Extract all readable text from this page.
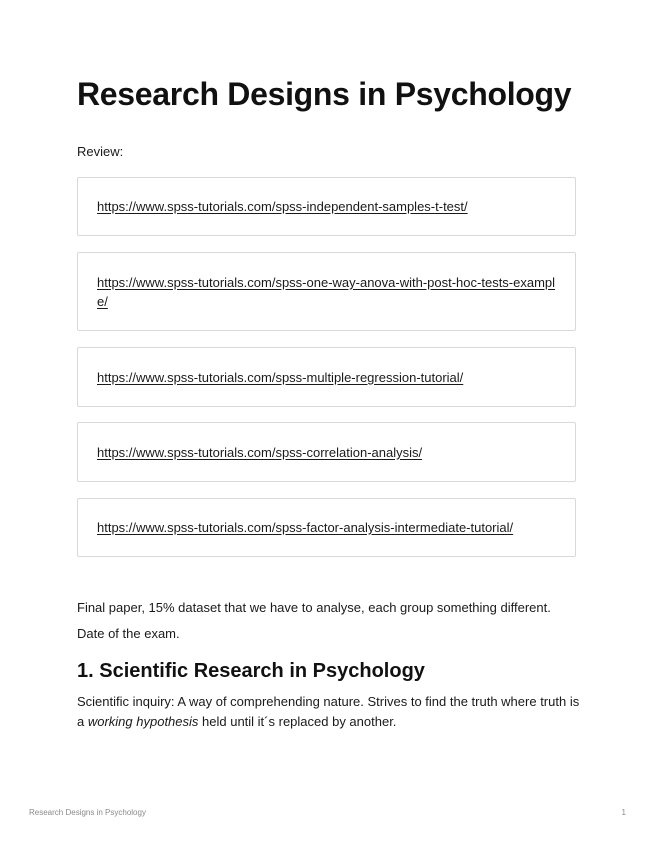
Research Designs in Psychology
Review:
https://www.spss-tutorials.com/spss-independent-samples-t-test/
https://www.spss-tutorials.com/spss-one-way-anova-with-post-hoc-tests-example/
https://www.spss-tutorials.com/spss-multiple-regression-tutorial/
https://www.spss-tutorials.com/spss-correlation-analysis/
https://www.spss-tutorials.com/spss-factor-analysis-intermediate-tutorial/

Final paper, 15% dataset that we have to analyse, each group something different.

Date of the exam.

1. Scientific Research in Psychology

Scientific inquiry: A way of comprehending nature. Strives to find the truth where truth is a working hypothesis held until it´s replaced by another.

Research Designs in Psychology	1
